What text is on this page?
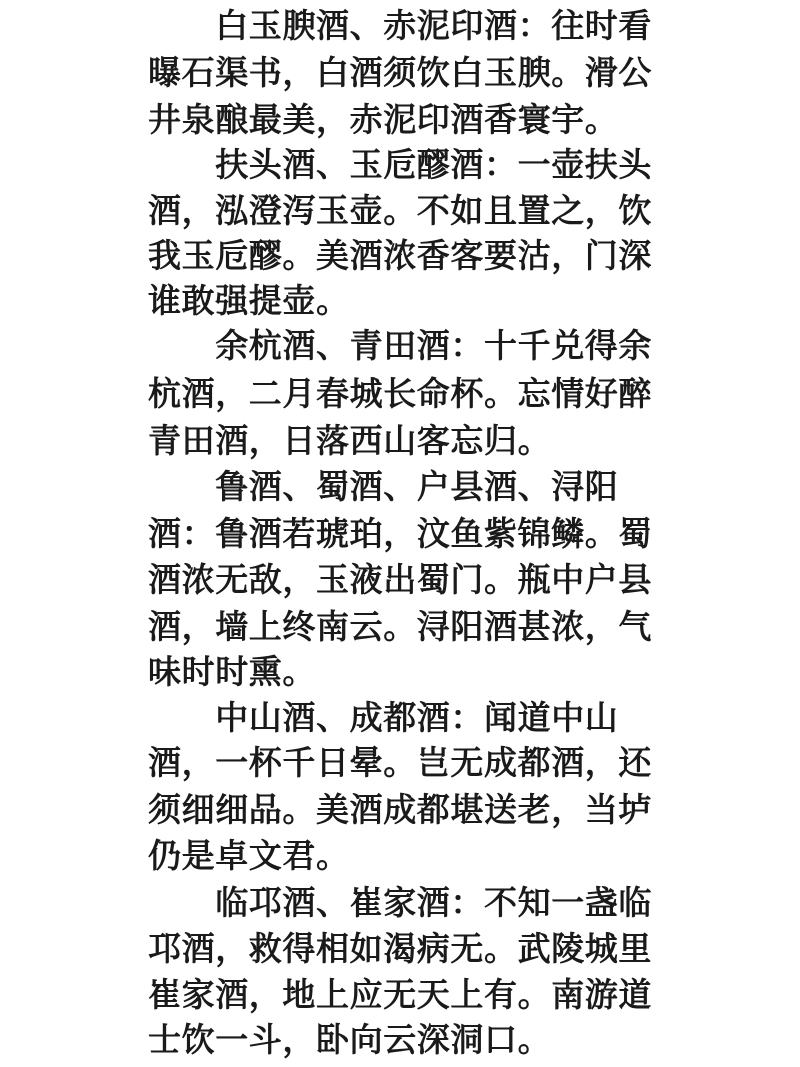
　　白玉腴酒、赤泥印酒：往时看
曝石渠书，白酒须饮白玉腴。滑公
井泉酿最美，赤泥印酒香寰宇。
　　扶头酒、玉卮醪酒：一壶扶头
酒，泓澄泻玉壶。不如且置之，饮
我玉卮醪。美酒浓香客要沽，门深
谁敢强提壶。
　　余杭酒、青田酒：十千兑得余
杭酒，二月春城长命杯。忘情好醉
青田酒，日落西山客忘归。
　　鲁酒、蜀酒、户县酒、浔阳
酒：鲁酒若琥珀，汶鱼紫锦鳞。蜀
酒浓无敌，玉液出蜀门。瓶中户县
酒，墙上终南云。浔阳酒甚浓，气
味时时熏。
　　中山酒、成都酒：闻道中山
酒，一杯千日晕。岂无成都酒，还
须细细品。美酒成都堪送老，当垆
仍是卓文君。
　　临邛酒、崔家酒：不知一盏临
邛酒，救得相如渴病无。武陵城里
崔家酒，地上应无天上有。南游道
士饮一斗，卧向云深洞口。
